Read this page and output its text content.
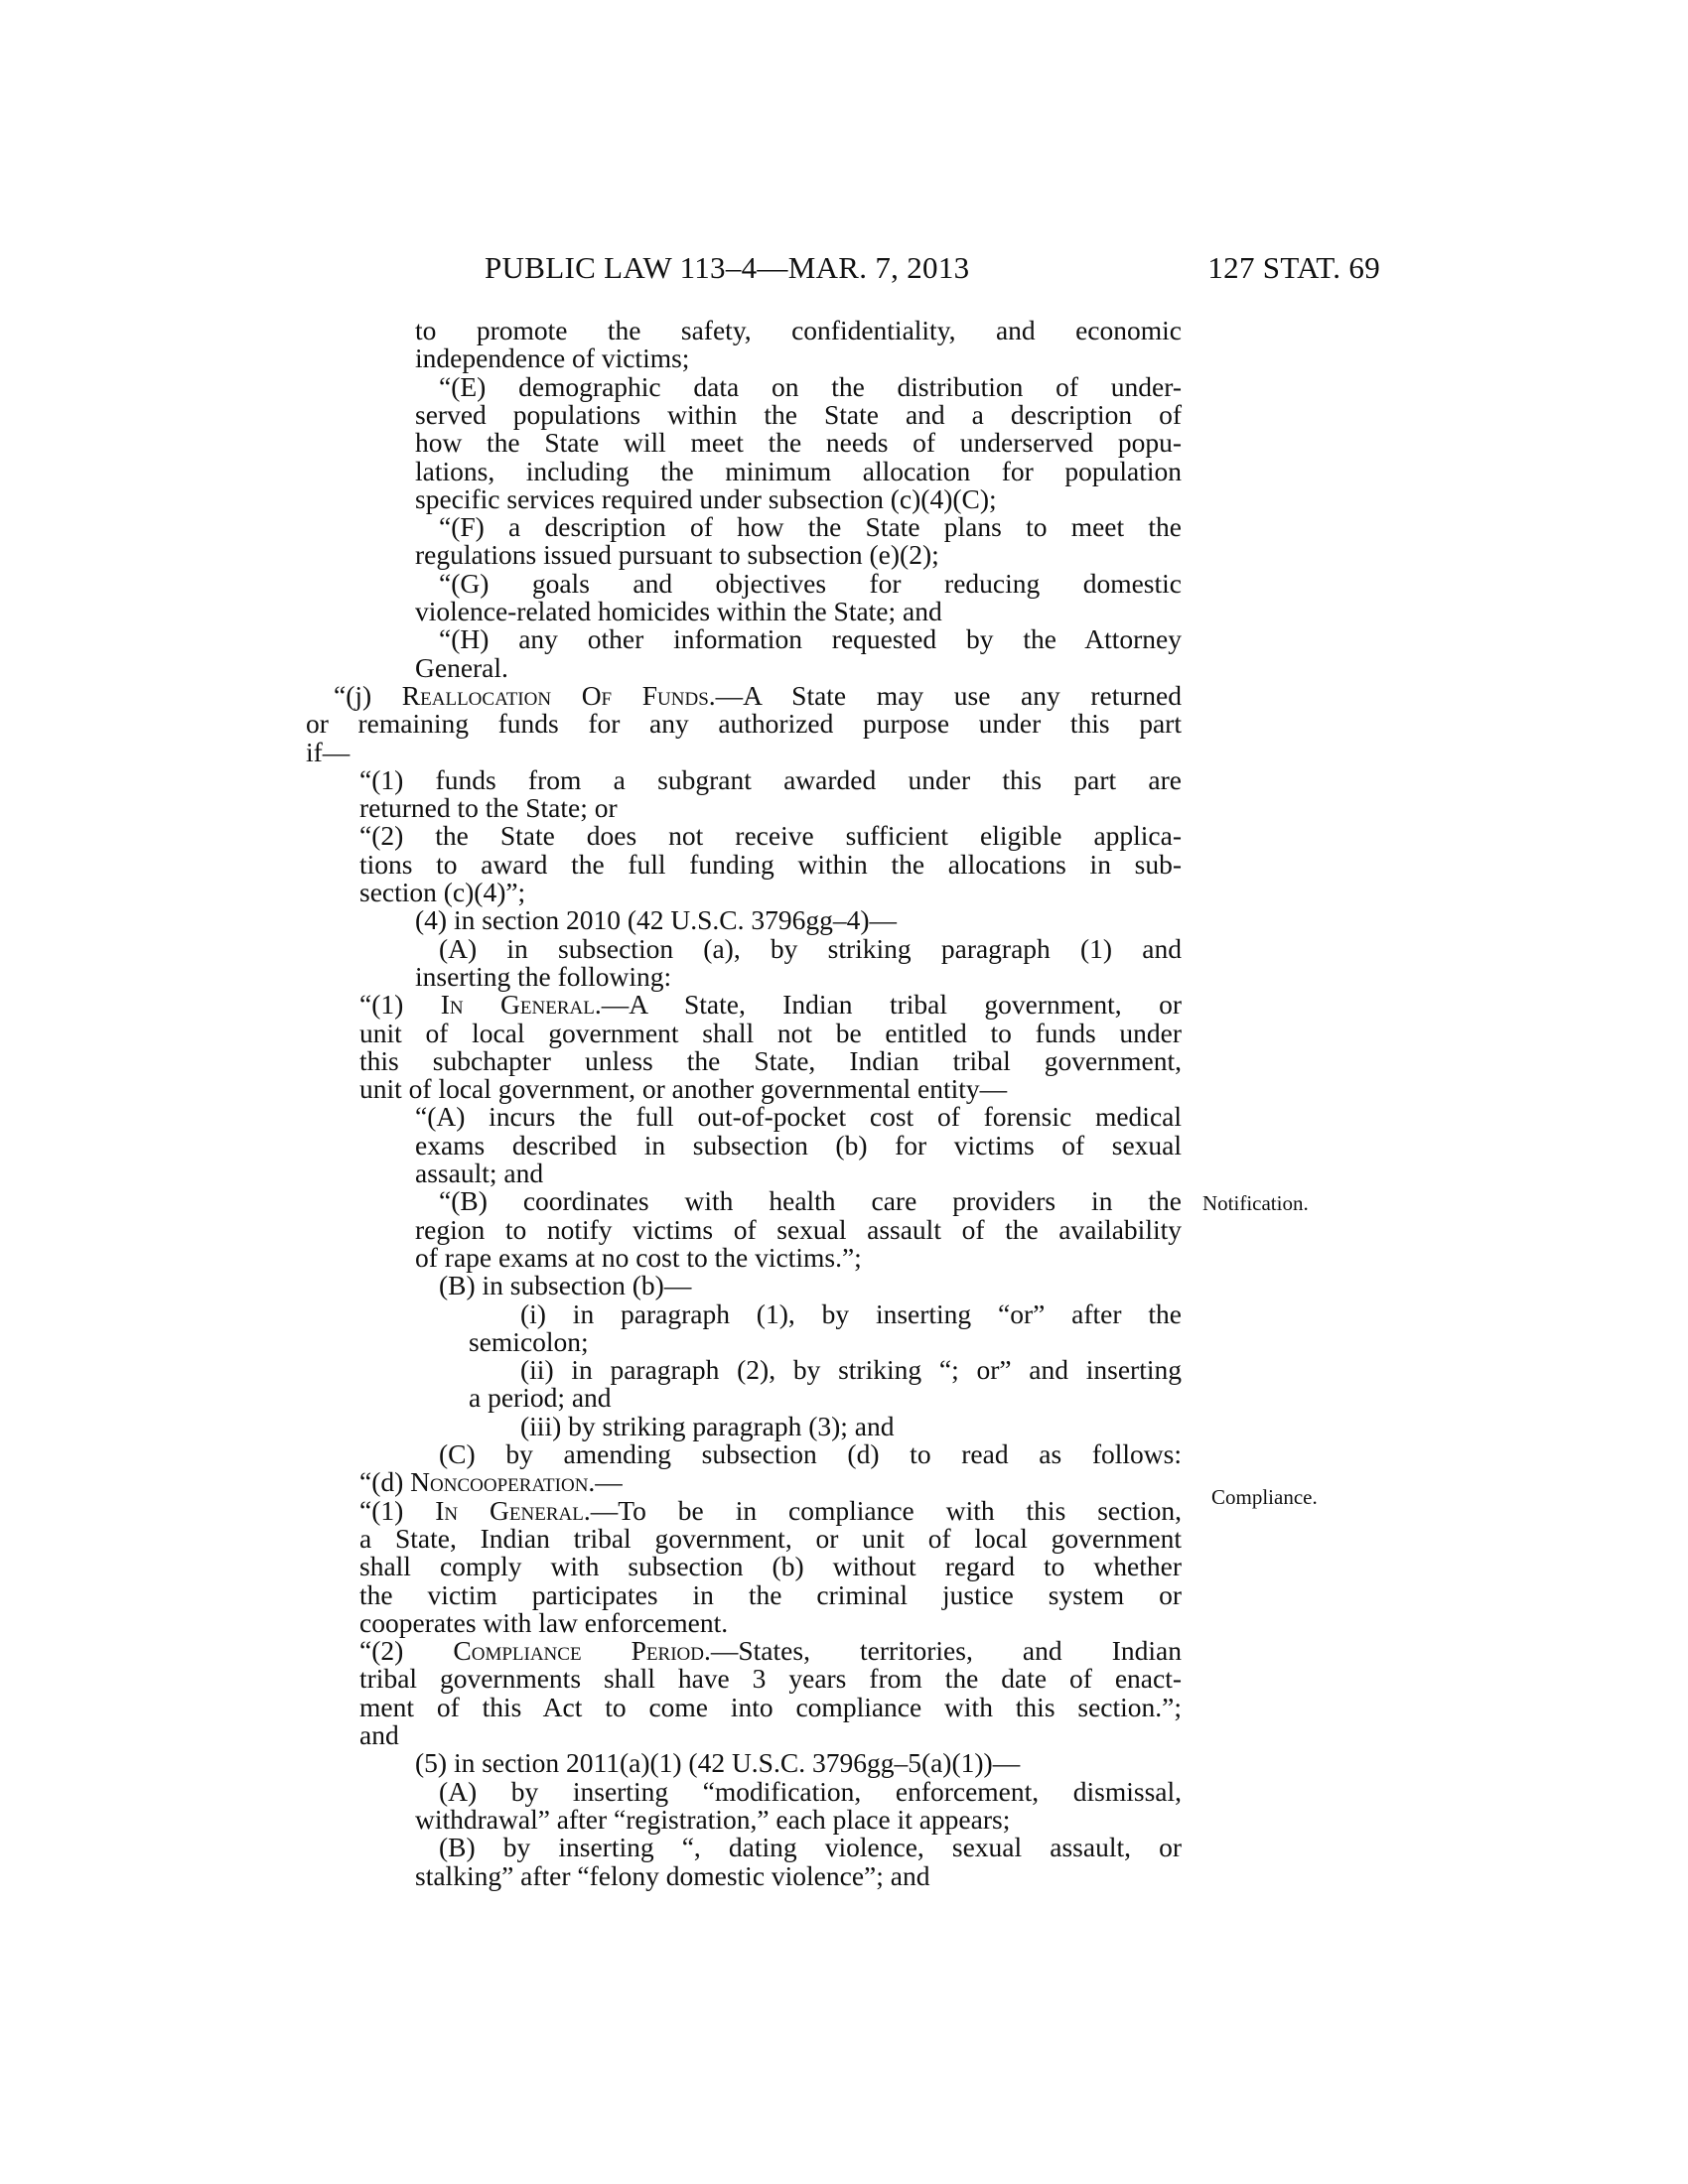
PUBLIC LAW 113–4—MAR. 7, 2013	127 STAT. 69
to promote the safety, confidentiality, and economic
independence of victims;
“(E) demographic data on the distribution of under-
served populations within the State and a description of
how the State will meet the needs of underserved popu-
lations, including the minimum allocation for population
specific services required under subsection (c)(4)(C);
“(F) a description of how the State plans to meet the
regulations issued pursuant to subsection (e)(2);
“(G) goals and objectives for reducing domestic
violence-related homicides within the State; and
“(H) any other information requested by the Attorney
General.
“(j) Reallocation Of Funds.—A State may use any returned
or remaining funds for any authorized purpose under this part
if—
“(1) funds from a subgrant awarded under this part are
returned to the State; or
“(2) the State does not receive sufficient eligible applica-
tions to award the full funding within the allocations in sub-
section (c)(4)”;
(4) in section 2010 (42 U.S.C. 3796gg–4)—
(A) in subsection (a), by striking paragraph (1) and
inserting the following:
“(1) In General.—A State, Indian tribal government, or
unit of local government shall not be entitled to funds under
this subchapter unless the State, Indian tribal government,
unit of local government, or another governmental entity—
“(A) incurs the full out-of-pocket cost of forensic medical
exams described in subsection (b) for victims of sexual
assault; and
“(B) coordinates with health care providers in the
region to notify victims of sexual assault of the availability
of rape exams at no cost to the victims.”;
(B) in subsection (b)—
(i) in paragraph (1), by inserting “or” after the
semicolon;
(ii) in paragraph (2), by striking “; or” and inserting
a period; and
(iii) by striking paragraph (3); and
(C) by amending subsection (d) to read as follows:
“(d) Noncooperation.—
“(1) In General.—To be in compliance with this section,
a State, Indian tribal government, or unit of local government
shall comply with subsection (b) without regard to whether
the victim participates in the criminal justice system or
cooperates with law enforcement.
“(2) Compliance Period.—States, territories, and Indian
tribal governments shall have 3 years from the date of enact-
ment of this Act to come into compliance with this section.”;
and
(5) in section 2011(a)(1) (42 U.S.C. 3796gg–5(a)(1))—
(A) by inserting “modification, enforcement, dismissal,
withdrawal” after “registration,” each place it appears;
(B) by inserting “, dating violence, sexual assault, or
stalking” after “felony domestic violence”; and
Notification.
Compliance.
